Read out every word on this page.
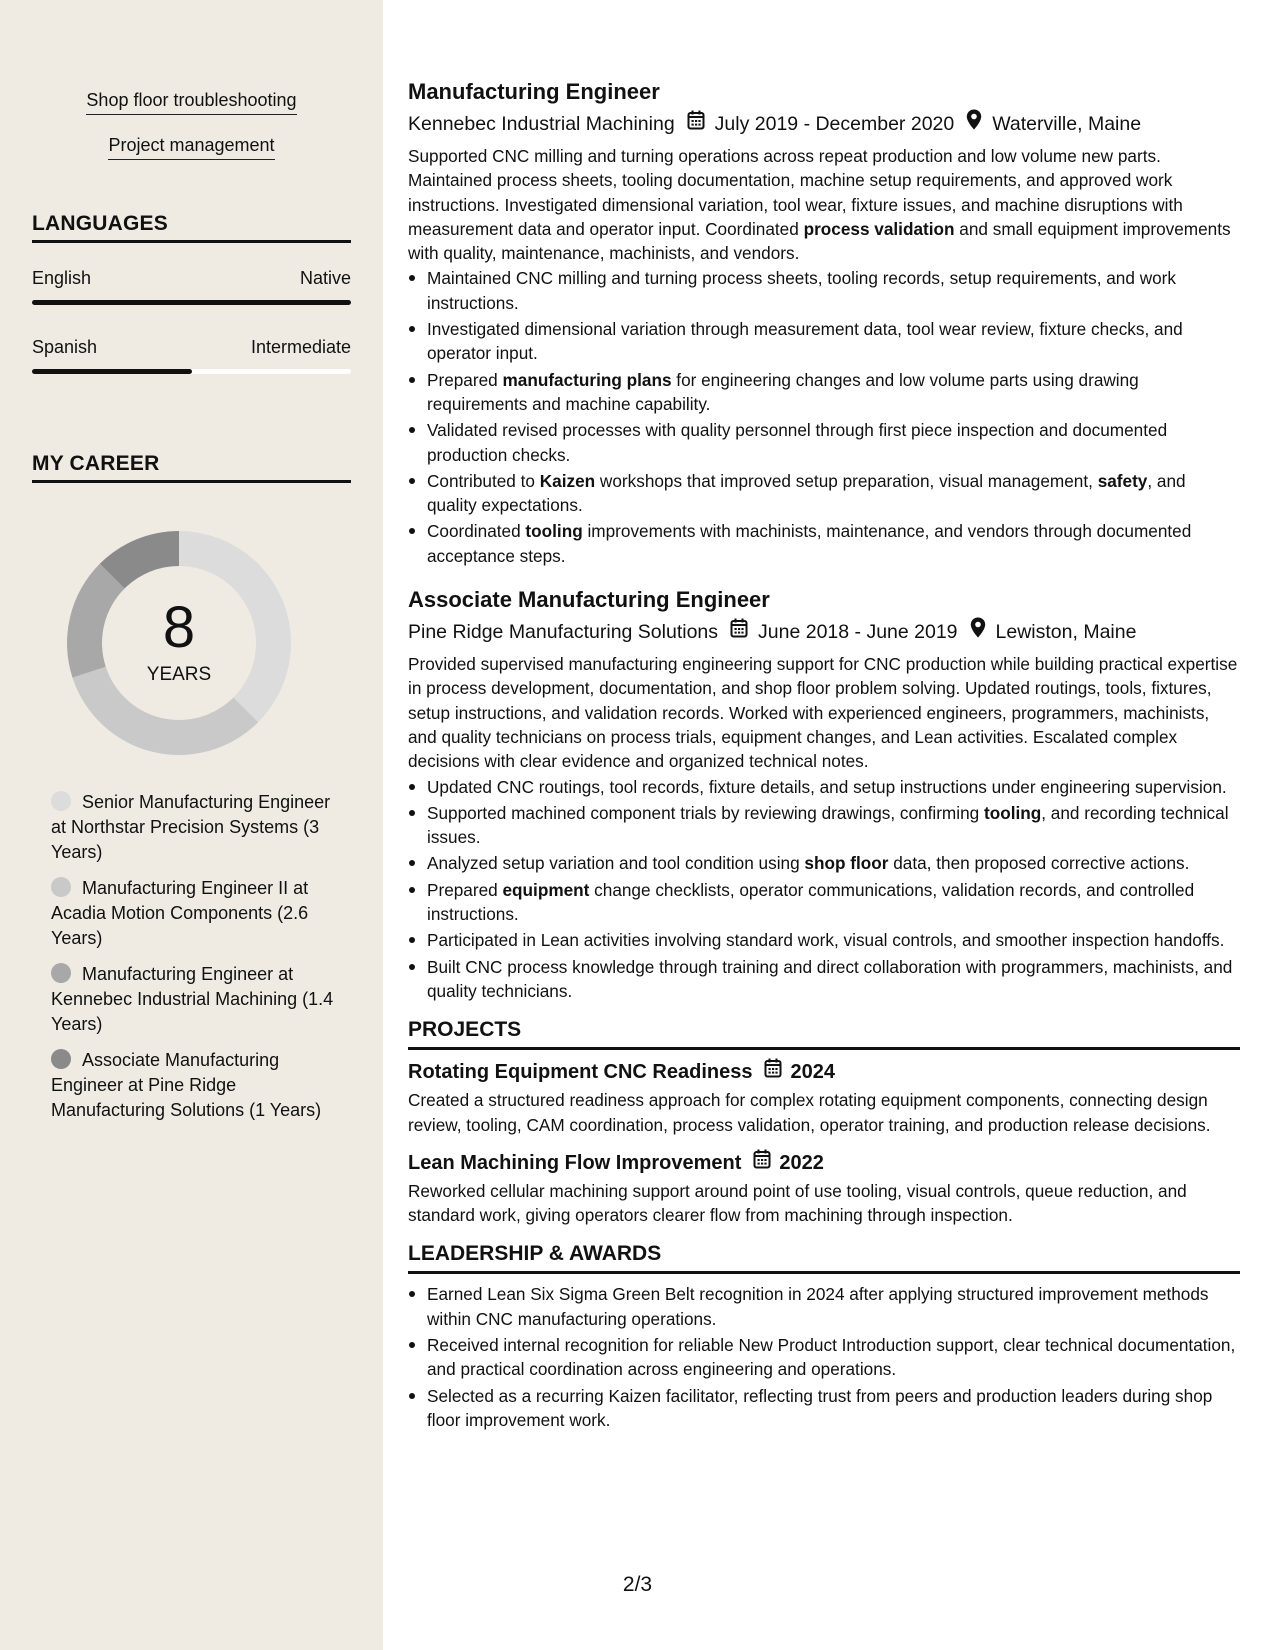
Shop floor troubleshooting
Project management
LANGUAGES
English	Native
Spanish	Intermediate
MY CAREER
8
YEARS
Senior Manufacturing Engineer at Northstar Precision Systems (3 Years)
Manufacturing Engineer II at Acadia Motion Components (2.6 Years)
Manufacturing Engineer at Kennebec Industrial Machining (1.4 Years)
Associate Manufacturing Engineer at Pine Ridge Manufacturing Solutions (1 Years)
Manufacturing Engineer
Kennebec Industrial Machining July 2019 - December 2020 Waterville, Maine
Supported CNC milling and turning operations across repeat production and low volume new parts. Maintained process sheets, tooling documentation, machine setup requirements, and approved work instructions. Investigated dimensional variation, tool wear, fixture issues, and machine disruptions with measurement data and operator input. Coordinated process validation and small equipment improvements with quality, maintenance, machinists, and vendors.
Maintained CNC milling and turning process sheets, tooling records, setup requirements, and work instructions.
Investigated dimensional variation through measurement data, tool wear review, fixture checks, and operator input.
Prepared manufacturing plans for engineering changes and low volume parts using drawing requirements and machine capability.
Validated revised processes with quality personnel through first piece inspection and documented production checks.
Contributed to Kaizen workshops that improved setup preparation, visual management, safety, and quality expectations.
Coordinated tooling improvements with machinists, maintenance, and vendors through documented acceptance steps.
Associate Manufacturing Engineer
Pine Ridge Manufacturing Solutions June 2018 - June 2019 Lewiston, Maine
Provided supervised manufacturing engineering support for CNC production while building practical expertise in process development, documentation, and shop floor problem solving. Updated routings, tools, fixtures, setup instructions, and validation records. Worked with experienced engineers, programmers, machinists, and quality technicians on process trials, equipment changes, and Lean activities. Escalated complex decisions with clear evidence and organized technical notes.
Updated CNC routings, tool records, fixture details, and setup instructions under engineering supervision.
Supported machined component trials by reviewing drawings, confirming tooling, and recording technical issues.
Analyzed setup variation and tool condition using shop floor data, then proposed corrective actions.
Prepared equipment change checklists, operator communications, validation records, and controlled instructions.
Participated in Lean activities involving standard work, visual controls, and smoother inspection handoffs.
Built CNC process knowledge through training and direct collaboration with programmers, machinists, and quality technicians.
PROJECTS
Rotating Equipment CNC Readiness 2024
Created a structured readiness approach for complex rotating equipment components, connecting design review, tooling, CAM coordination, process validation, operator training, and production release decisions.
Lean Machining Flow Improvement 2022
Reworked cellular machining support around point of use tooling, visual controls, queue reduction, and standard work, giving operators clearer flow from machining through inspection.
LEADERSHIP & AWARDS
Earned Lean Six Sigma Green Belt recognition in 2024 after applying structured improvement methods within CNC manufacturing operations.
Received internal recognition for reliable New Product Introduction support, clear technical documentation, and practical coordination across engineering and operations.
Selected as a recurring Kaizen facilitator, reflecting trust from peers and production leaders during shop floor improvement work.
2/3
